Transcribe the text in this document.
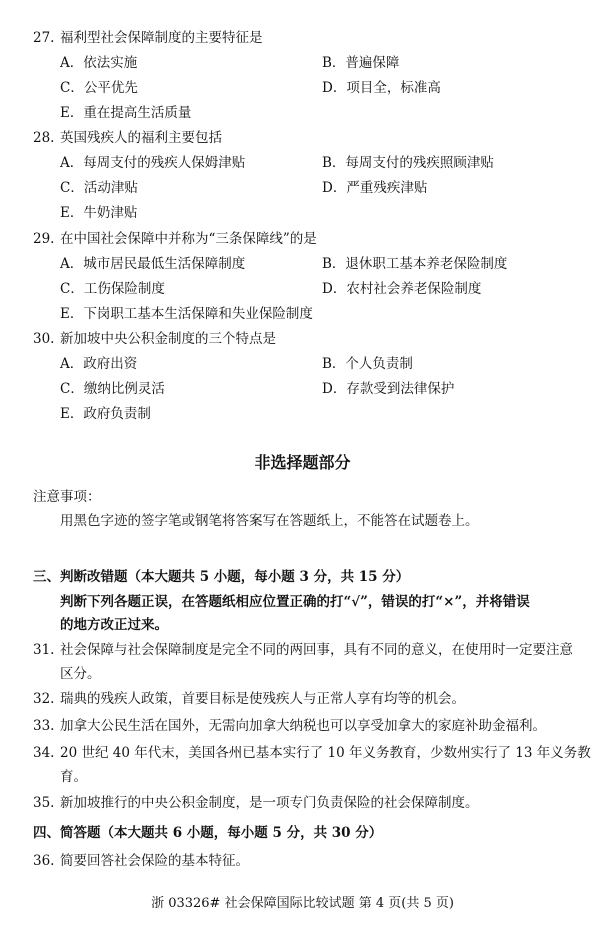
27. 福利型社会保障制度的主要特征是
A．依法实施	B．普遍保障
C．公平优先	D．项目全，标准高
E．重在提高生活质量
28. 英国残疾人的福利主要包括
A．每周支付的残疾人保姆津贴	B．每周支付的残疾照顾津贴
C．活动津贴	D．严重残疾津贴
E．牛奶津贴
29. 在中国社会保障中并称为“三条保障线”的是
A．城市居民最低生活保障制度	B．退休职工基本养老保险制度
C．工伤保险制度	D．农村社会养老保险制度
E．下岗职工基本生活保障和失业保险制度
30. 新加坡中央公积金制度的三个特点是
A．政府出资	B．个人负责制
C．缴纳比例灵活	D．存款受到法律保护
E．政府负责制
非选择题部分
注意事项：
用黑色字迹的签字笔或钢笔将答案写在答题纸上，不能答在试题卷上。
三、判断改错题（本大题共 5 小题，每小题 3 分，共 15 分）
判断下列各题正误，在答题纸相应位置正确的打“√”，错误的打“×”，并将错误
的地方改正过来。
31. 社会保障与社会保障制度是完全不同的两回事，具有不同的意义，在使用时一定要注意
区分。
32. 瑞典的残疾人政策，首要目标是使残疾人与正常人享有均等的机会。
33. 加拿大公民生活在国外，无需向加拿大纳税也可以享受加拿大的家庭补助金福利。
34. 20 世纪 40 年代末，美国各州已基本实行了 10 年义务教育，少数州实行了 13 年义务教
育。
35. 新加坡推行的中央公积金制度，是一项专门负责保险的社会保障制度。
四、简答题（本大题共 6 小题，每小题 5 分，共 30 分）
36. 简要回答社会保险的基本特征。
浙 03326# 社会保障国际比较试题 第 4 页(共 5 页)
